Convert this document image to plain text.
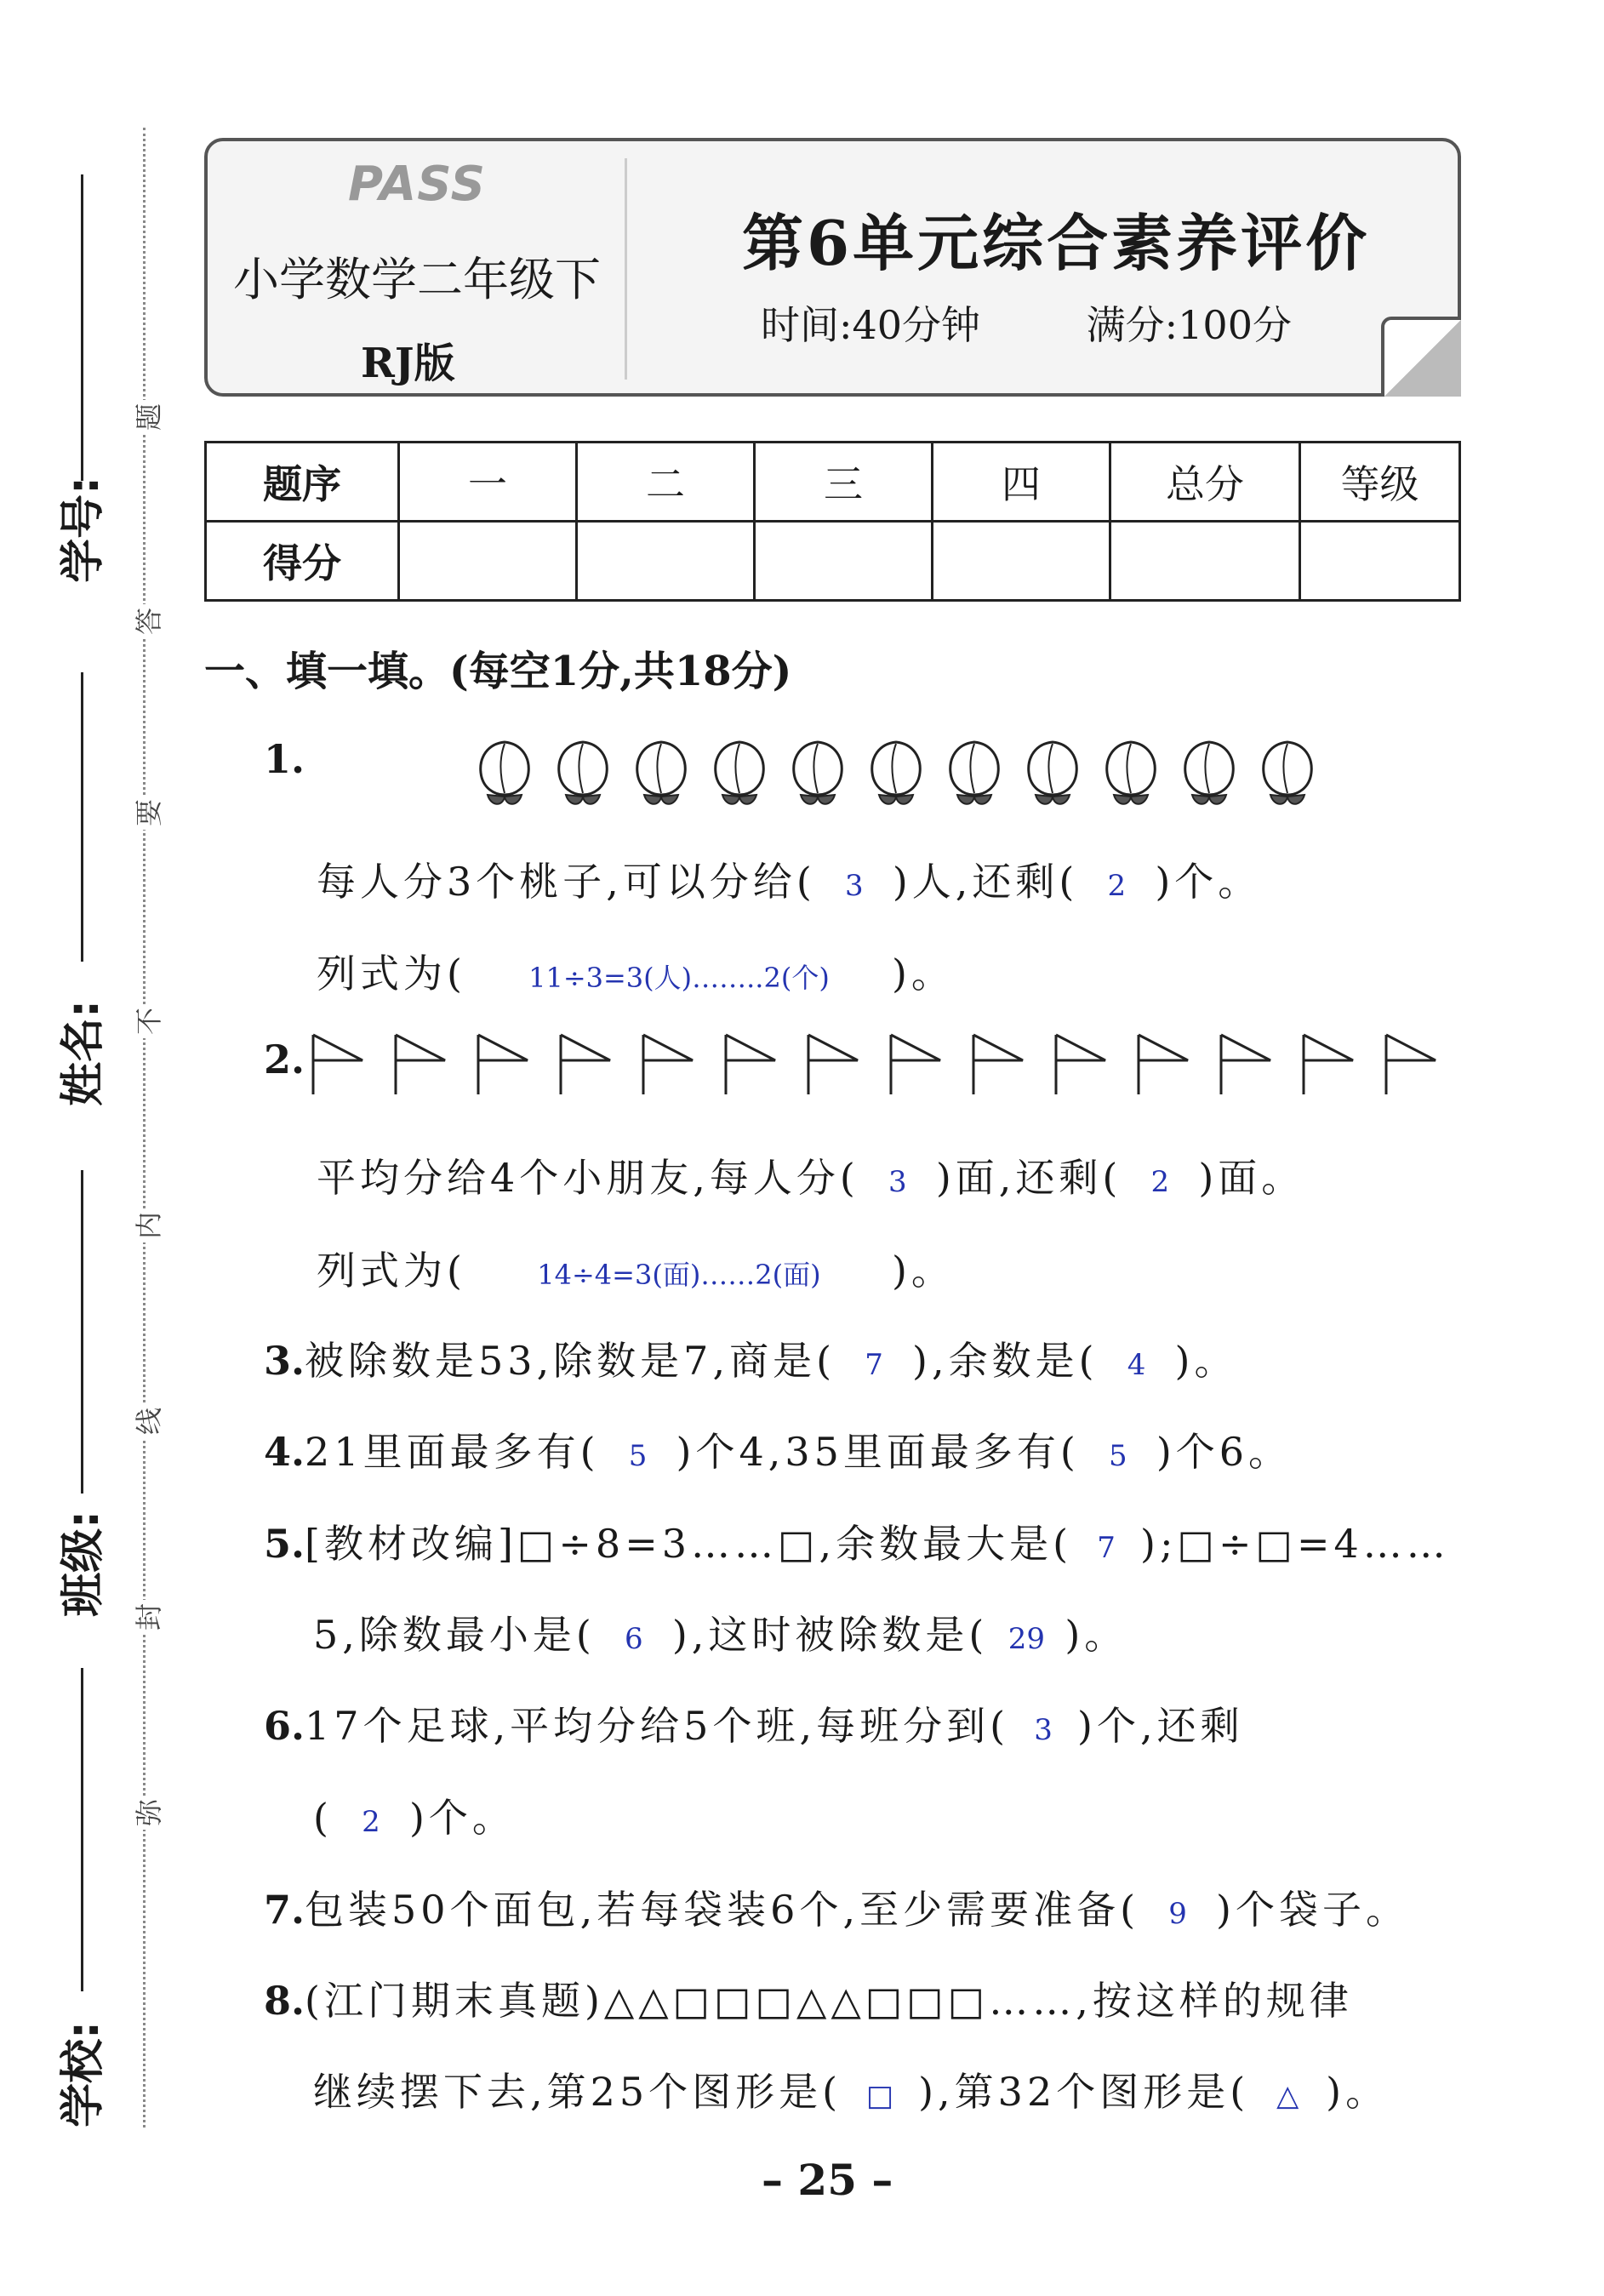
学号:
姓名:
班级:
学校:
题
答
要
不
内
线
封
弥
PASS
小学数学二年级下
RJ版
第6单元综合素养评价
时间:40分钟	满分:100分
题序	一	二	三	四	总分	等级
得分						
一、填一填。(每空1分,共18分)
1.
每人分3个桃子,可以分给( 3 )人,还剩( 2 )个。
列式为( 11÷3=3(人)……..2(个) )。
2.
平均分给4个小朋友,每人分( 3 )面,还剩( 2 )面。
列式为(	14÷4=3(面)……2(面) )。
3.被除数是53,除数是7,商是( 7 ),余数是( 4 )。
4.21里面最多有( 5 )个4,35里面最多有( 5 )个6。
5.[教材改编]□÷8=3……□,余数最大是( 7 );□÷□=4……
5,除数最小是( 6 ),这时被除数是( 29 )。
6.17个足球,平均分给5个班,每班分到( 3 )个,还剩
( 2 )个。
7.包装50个面包,若每袋装6个,至少需要准备( 9 )个袋子。
8.(江门期末真题)△△□□□△△□□□……,按这样的规律
继续摆下去,第25个图形是( □ ),第32个图形是( △ )。
– 25 –
